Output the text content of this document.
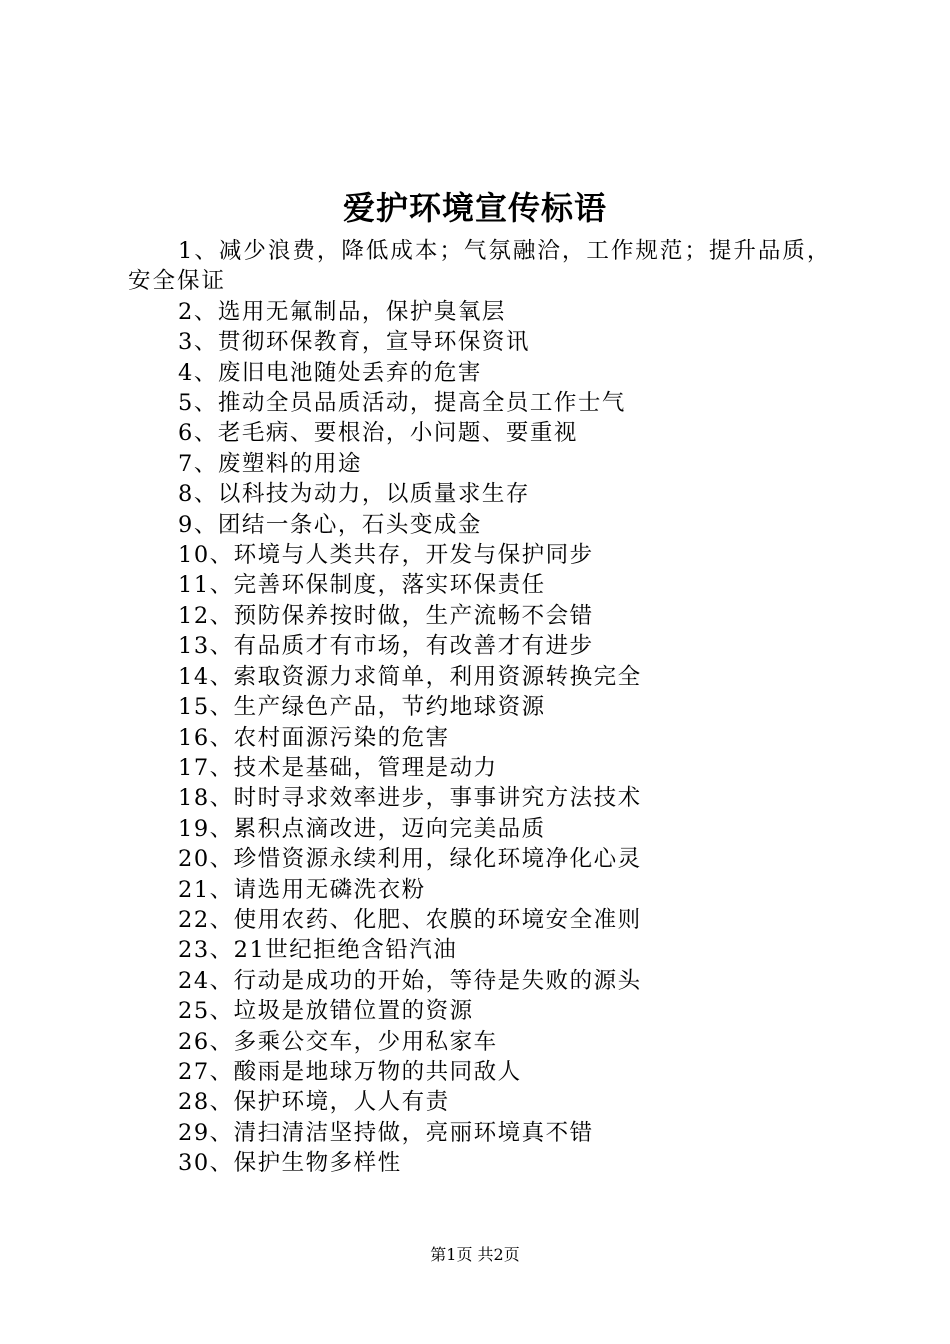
爱护环境宣传标语

1、减少浪费，降低成本；气氛融洽，工作规范；提升品质，安全保证

2、选用无氟制品，保护臭氧层

3、贯彻环保教育，宣导环保资讯

4、废旧电池随处丢弃的危害

5、推动全员品质活动，提高全员工作士气

6、老毛病、要根治，小问题、要重视

7、废塑料的用途

8、以科技为动力，以质量求生存

9、团结一条心，石头变成金

10、环境与人类共存，开发与保护同步

11、完善环保制度，落实环保责任

12、预防保养按时做，生产流畅不会错

13、有品质才有市场，有改善才有进步

14、索取资源力求简单，利用资源转换完全

15、生产绿色产品，节约地球资源

16、农村面源污染的危害

17、技术是基础，管理是动力

18、时时寻求效率进步，事事讲究方法技术

19、累积点滴改进，迈向完美品质

20、珍惜资源永续利用，绿化环境净化心灵

21、请选用无磷洗衣粉

22、使用农药、化肥、农膜的环境安全准则

23、21世纪拒绝含铅汽油

24、行动是成功的开始，等待是失败的源头

25、垃圾是放错位置的资源

26、多乘公交车，少用私家车

27、酸雨是地球万物的共同敌人

28、保护环境，人人有责

29、清扫清洁坚持做，亮丽环境真不错

30、保护生物多样性

第1页 共2页
